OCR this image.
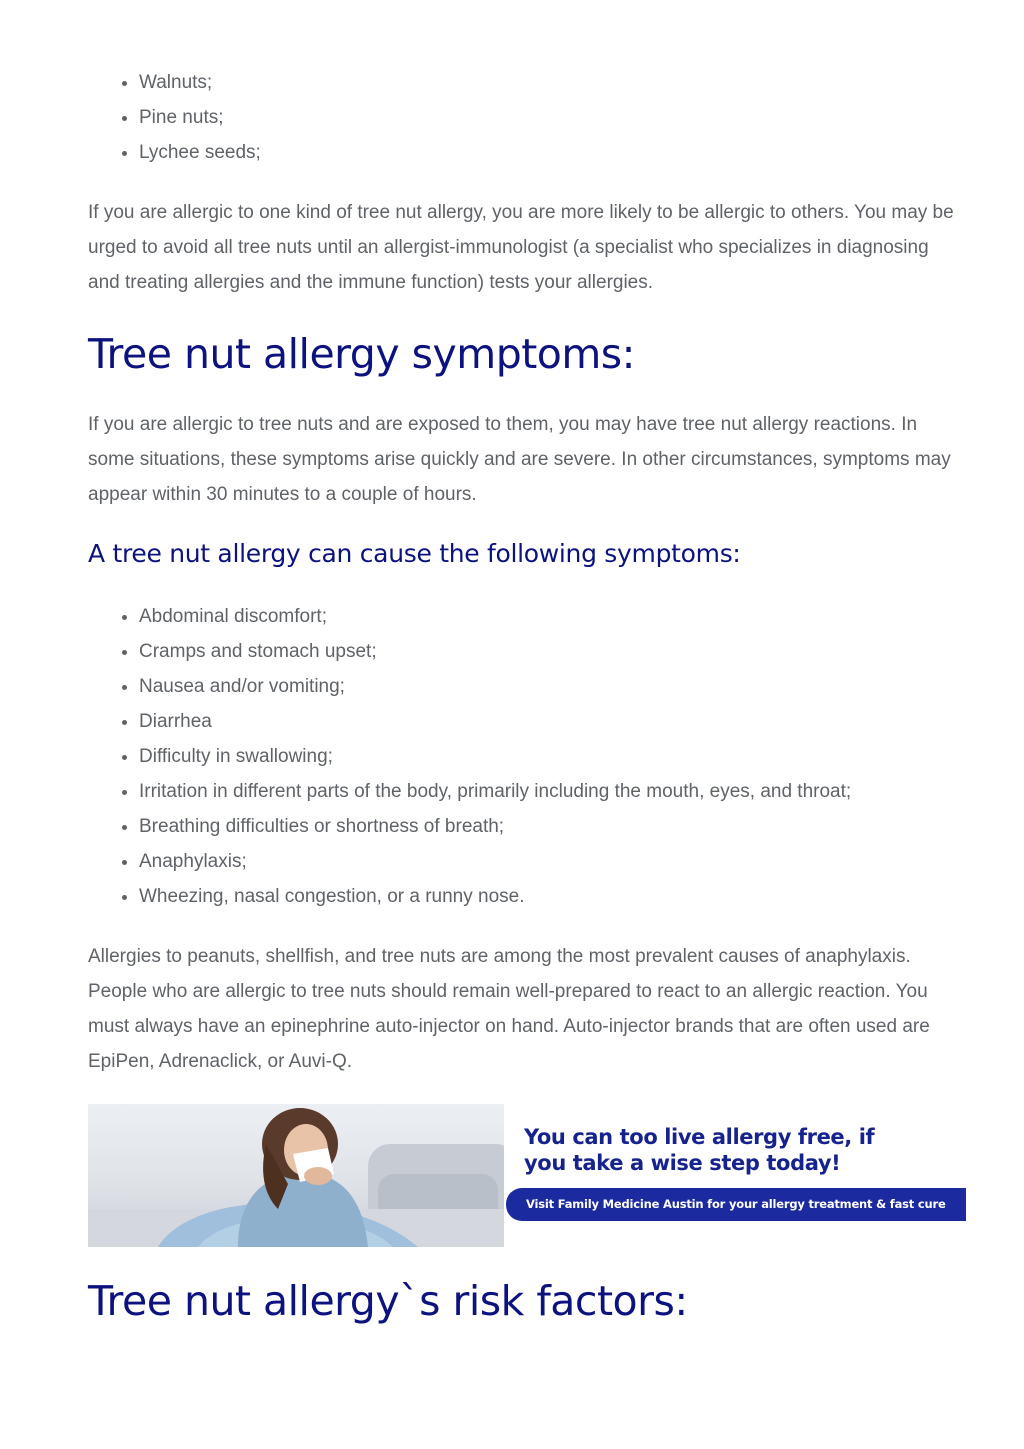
• Walnuts;
• Pine nuts;
• Lychee seeds;

If you are allergic to one kind of tree nut allergy, you are more likely to be allergic to others. You may be urged to avoid all tree nuts until an allergist-immunologist (a specialist who specializes in diagnosing and treating allergies and the immune function) tests your allergies.

Tree nut allergy symptoms:

If you are allergic to tree nuts and are exposed to them, you may have tree nut allergy reactions. In some situations, these symptoms arise quickly and are severe. In other circumstances, symptoms may appear within 30 minutes to a couple of hours.

A tree nut allergy can cause the following symptoms:
• Abdominal discomfort;
• Cramps and stomach upset;
• Nausea and/or vomiting;
• Diarrhea
• Difficulty in swallowing;
• Irritation in different parts of the body, primarily including the mouth, eyes, and throat;
• Breathing difficulties or shortness of breath;
• Anaphylaxis;
• Wheezing, nasal congestion, or a runny nose.

Allergies to peanuts, shellfish, and tree nuts are among the most prevalent causes of anaphylaxis. People who are allergic to tree nuts should remain well-prepared to react to an allergic reaction. You must always have an epinephrine auto-injector on hand. Auto-injector brands that are often used are EpiPen, Adrenaclick, or Auvi-Q.

You can too live allergy free, if
you take a wise step today!
Visit Family Medicine Austin for your allergy treatment & fast cure
Tree nut allergy`s risk factors:
